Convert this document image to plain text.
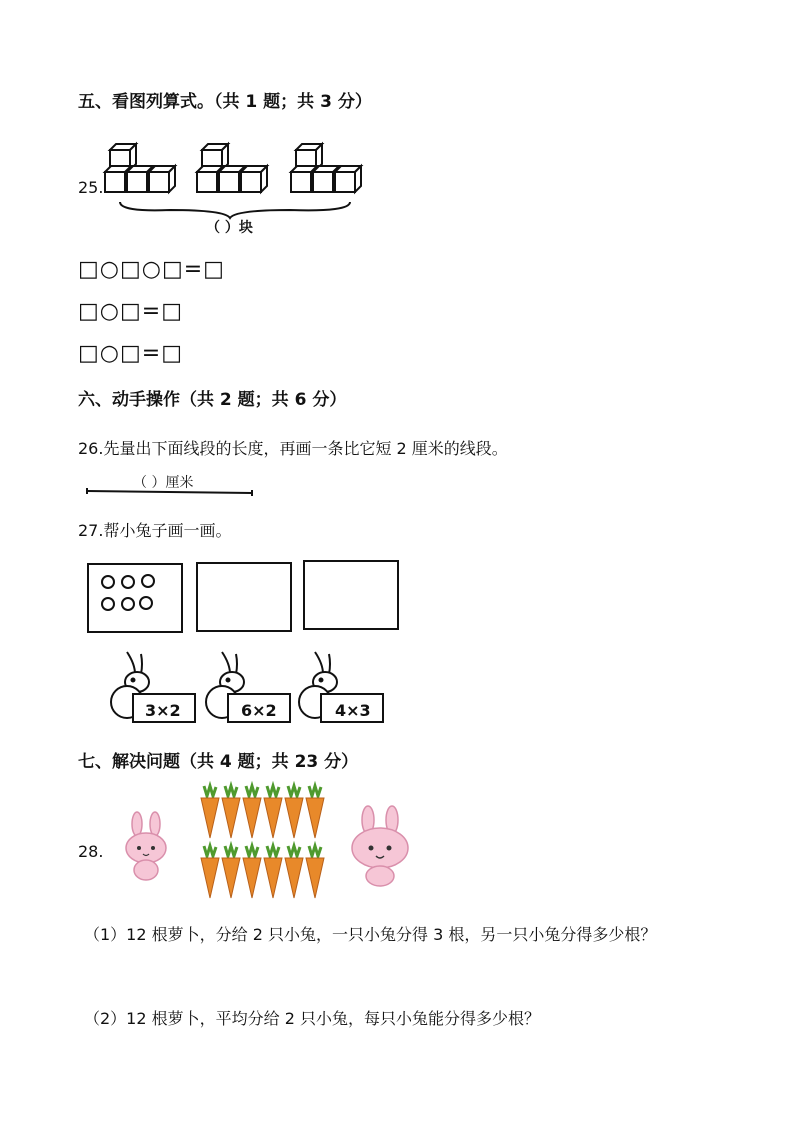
五、看图列算式。（共 1 题；共 3 分）
25.
（ ）块
□○□○□=□
□○□=□
□○□=□
六、动手操作（共 2 题；共 6 分）
26.先量出下面线段的长度，再画一条比它短 2 厘米的线段。
（ ）厘米
27.帮小兔子画一画。
3×2	6×2	4×3
七、解决问题（共 4 题；共 23 分）
28.
（1）12 根萝卜，分给 2 只小兔，一只小兔分得 3 根，另一只小兔分得多少根？
（2）12 根萝卜，平均分给 2 只小兔，每只小兔能分得多少根？
